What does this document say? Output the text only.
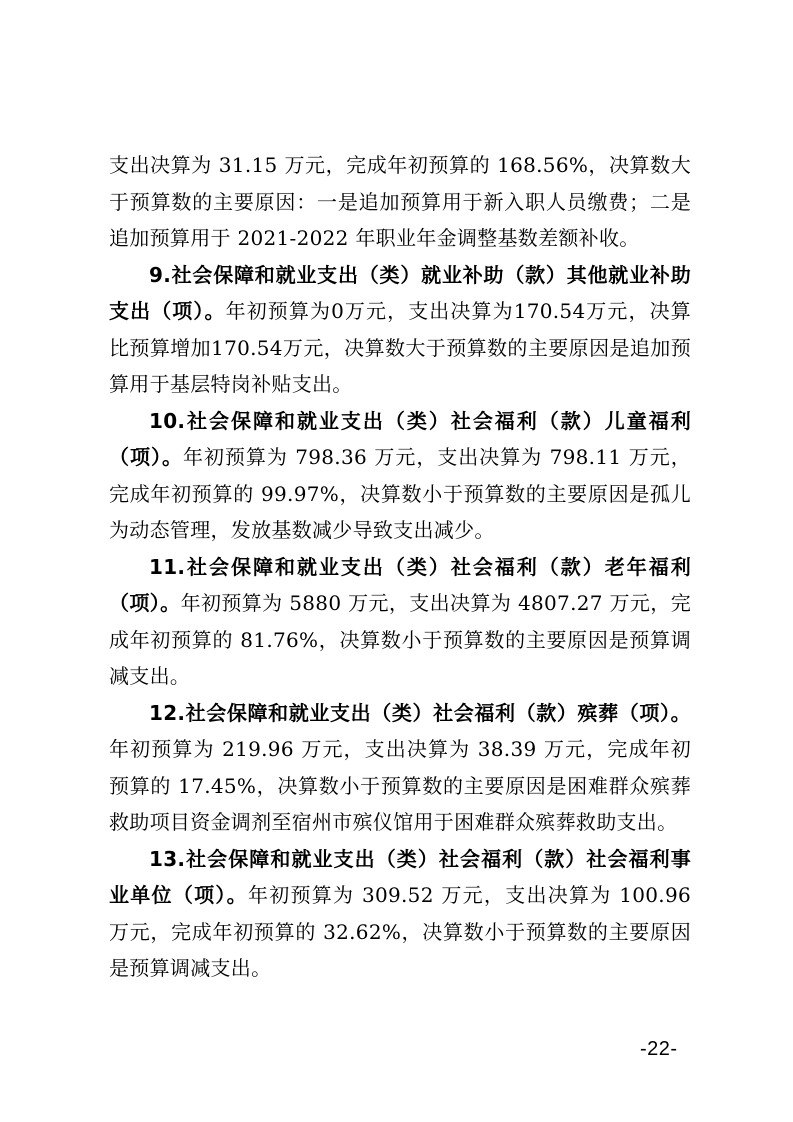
支出决算为 31.15 万元，完成年初预算的 168.56%，决算数大于预算数的主要原因：一是追加预算用于新入职人员缴费；二是追加预算用于 2021-2022 年职业年金调整基数差额补收。

9.社会保障和就业支出（类）就业补助（款）其他就业补助支出（项）。年初预算为0万元，支出决算为170.54万元，决算比预算增加170.54万元，决算数大于预算数的主要原因是追加预算用于基层特岗补贴支出。

10.社会保障和就业支出（类）社会福利（款）儿童福利（项）。年初预算为 798.36 万元，支出决算为 798.11 万元，完成年初预算的 99.97%，决算数小于预算数的主要原因是孤儿为动态管理，发放基数减少导致支出减少。

11.社会保障和就业支出（类）社会福利（款）老年福利（项）。年初预算为 5880 万元，支出决算为 4807.27 万元，完成年初预算的 81.76%，决算数小于预算数的主要原因是预算调减支出。

12.社会保障和就业支出（类）社会福利（款）殡葬（项）。年初预算为 219.96 万元，支出决算为 38.39 万元，完成年初预算的 17.45%，决算数小于预算数的主要原因是困难群众殡葬救助项目资金调剂至宿州市殡仪馆用于困难群众殡葬救助支出。

13.社会保障和就业支出（类）社会福利（款）社会福利事业单位（项）。年初预算为 309.52 万元，支出决算为 100.96 万元，完成年初预算的 32.62%，决算数小于预算数的主要原因是预算调减支出。

-22-
